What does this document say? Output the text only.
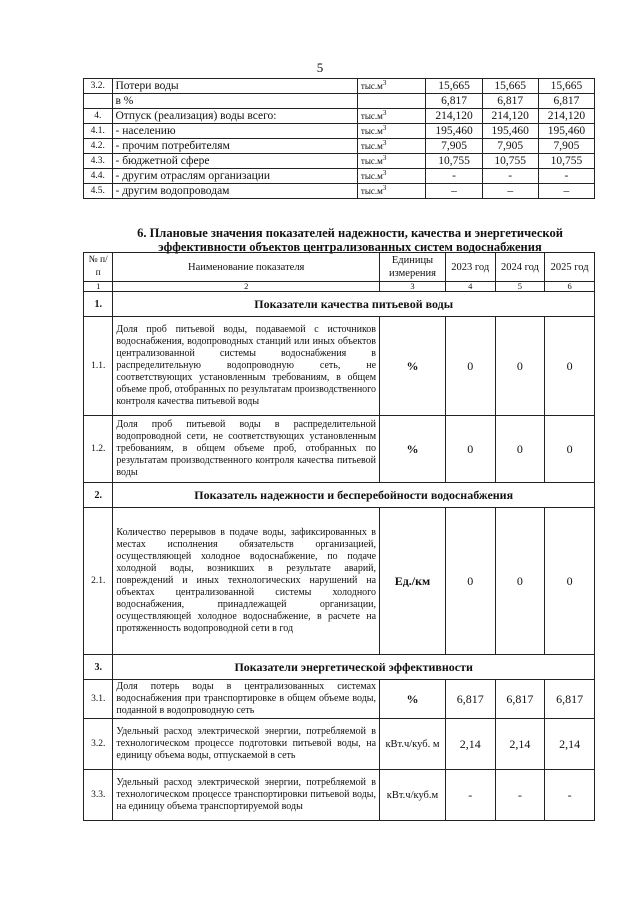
5
3.2.	Потери воды	$тыс.м^3$	15,665	15,665	15,665
	в %		6,817	6,817	6,817
4.	Отпуск (реализация) воды всего:	$тыс.м^3$	214,120	214,120	214,120
4.1.	- населению	$тыс.м^3$	195,460	195,460	195,460
4.2.	- прочим потребителям	$тыс.м^3$	7,905	7,905	7,905
4.3.	- бюджетной сфере	$тыс.м^3$	10,755	10,755	10,755
4.4.	- другим отраслям организации	$тыс.м^3$	-	-	-
4.5.	- другим водопроводам	$тыс.м^3$	–	–	–
6. Плановые значения показателей надежности, качества и энергетической
эффективности объектов централизованных систем водоснабжения
№ п/п	Наименование показателя	Единицы измерения	2023 год	2024 год	2025 год
1	2	3	4	5	6
1.	Показатели качества питьевой воды				
1.1.	Доля проб питьевой воды, подаваемой с источников водоснабжения, водопроводных станций или иных объектов централизованной системы водоснабжения в распределительную водопроводную сеть, не соответствующих установленным требованиям, в общем объеме проб, отобранных по результатам производственного контроля качества питьевой воды	%	0	0	0
1.2.	Доля проб питьевой воды в распределительной водопроводной сети, не соответствующих установленным требованиям, в общем объеме проб, отобранных по результатам производственного контроля качества питьевой воды	%	0	0	0
2.	Показатель надежности и бесперебойности водоснабжения				
2.1.	Количество перерывов в подаче воды, зафиксированных в местах исполнения обязательств организацией, осуществляющей холодное водоснабжение, по подаче холодной воды, возникших в результате аварий, повреждений и иных технологических нарушений на объектах централизованной системы холодного водоснабжения, принадлежащей организации, осуществляющей холодное водоснабжение, в расчете на протяженность водопроводной сети в год	Ед./км	0	0	0
3.	Показатели энергетической эффективности				
3.1.	Доля потерь воды в централизованных системах водоснабжения при транспортировке в общем объеме воды, поданной в водопроводную сеть	%	6,817	6,817	6,817
3.2.	Удельный расход электрической энергии, потребляемой в технологическом процессе подготовки питьевой воды, на единицу объема воды, отпускаемой в сеть	кВт.ч/куб. м	2,14	2,14	2,14
3.3.	Удельный расход электрической энергии, потребляемой в технологическом процессе транспортировки питьевой воды, на единицу объема транспортируемой воды	кВт.ч/куб.м	-	-	-
